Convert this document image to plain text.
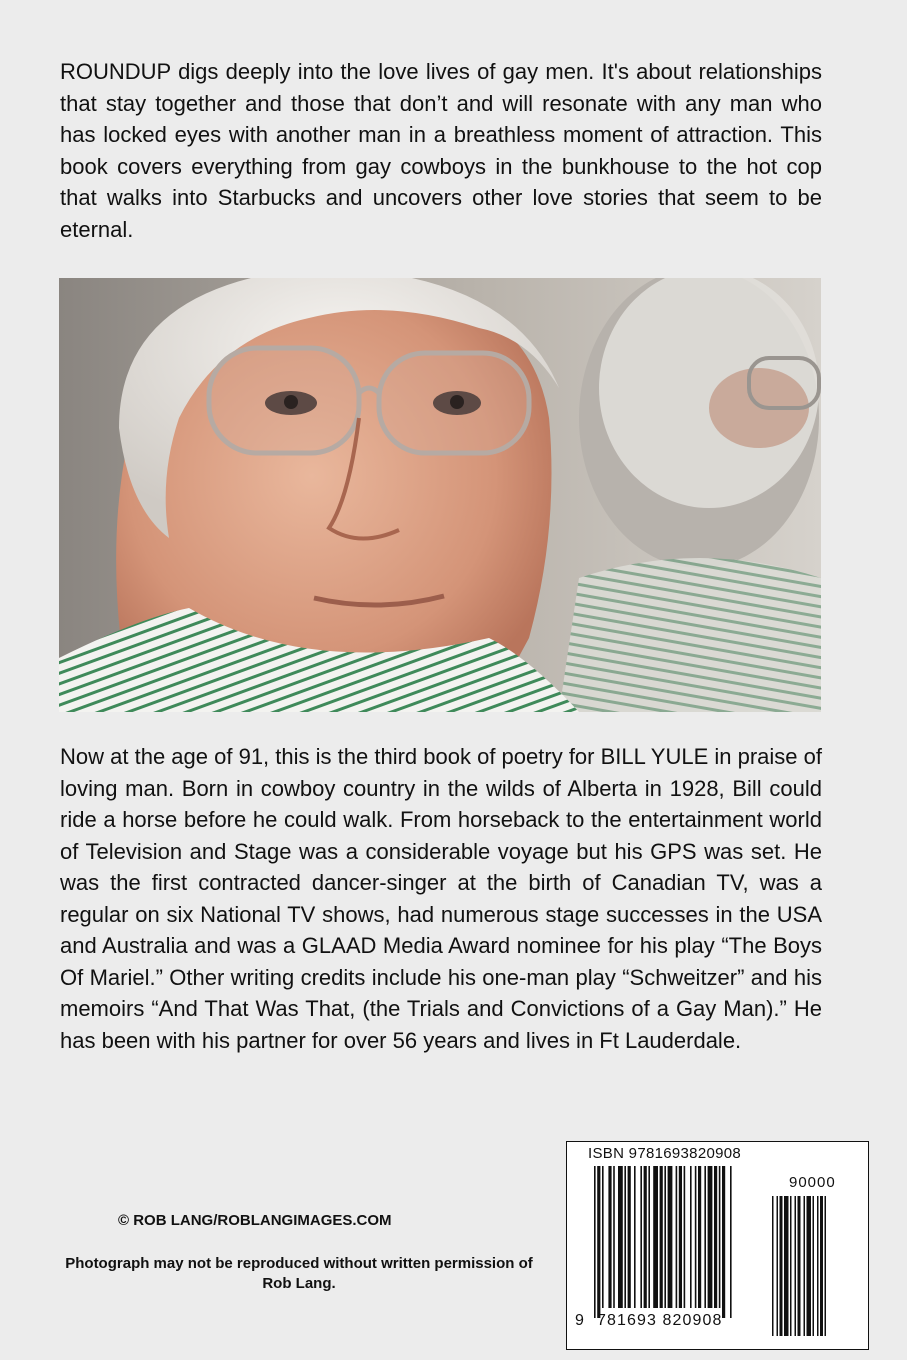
ROUNDUP digs deeply into the love lives of gay men. It's about relationships that stay together and those that don’t and will resonate with any man who has locked eyes with another man in a breathless moment of attraction. This book covers everything from gay cowboys in the bunkhouse to the hot cop that walks into Starbucks and uncovers other love stories that seem to be eternal.

Now at the age of 91, this is the third book of poetry for BILL YULE in praise of loving man. Born in cowboy country in the wilds of Alberta in 1928, Bill could ride a horse before he could walk. From horseback to the entertainment world of Television and Stage was a considerable voyage but his GPS was set. He was the first contracted dancer-singer at the birth of Canadian TV, was a regular on six National TV shows, had numerous stage successes in the USA and Australia and was a GLAAD Media Award nominee for his play “The Boys Of Mariel.” Other writing credits include his one-man play “Schweitzer” and his memoirs “And That Was That, (the Trials and Convictions of a Gay Man).” He has been with his partner for over 56 years and lives in Ft Lauderdale.

© ROB LANG/ROBLANGIMAGES.COM

Photograph may not be reproduced without written permission of Rob Lang.

ISBN 9781693820908
90000
9 781693 820908
